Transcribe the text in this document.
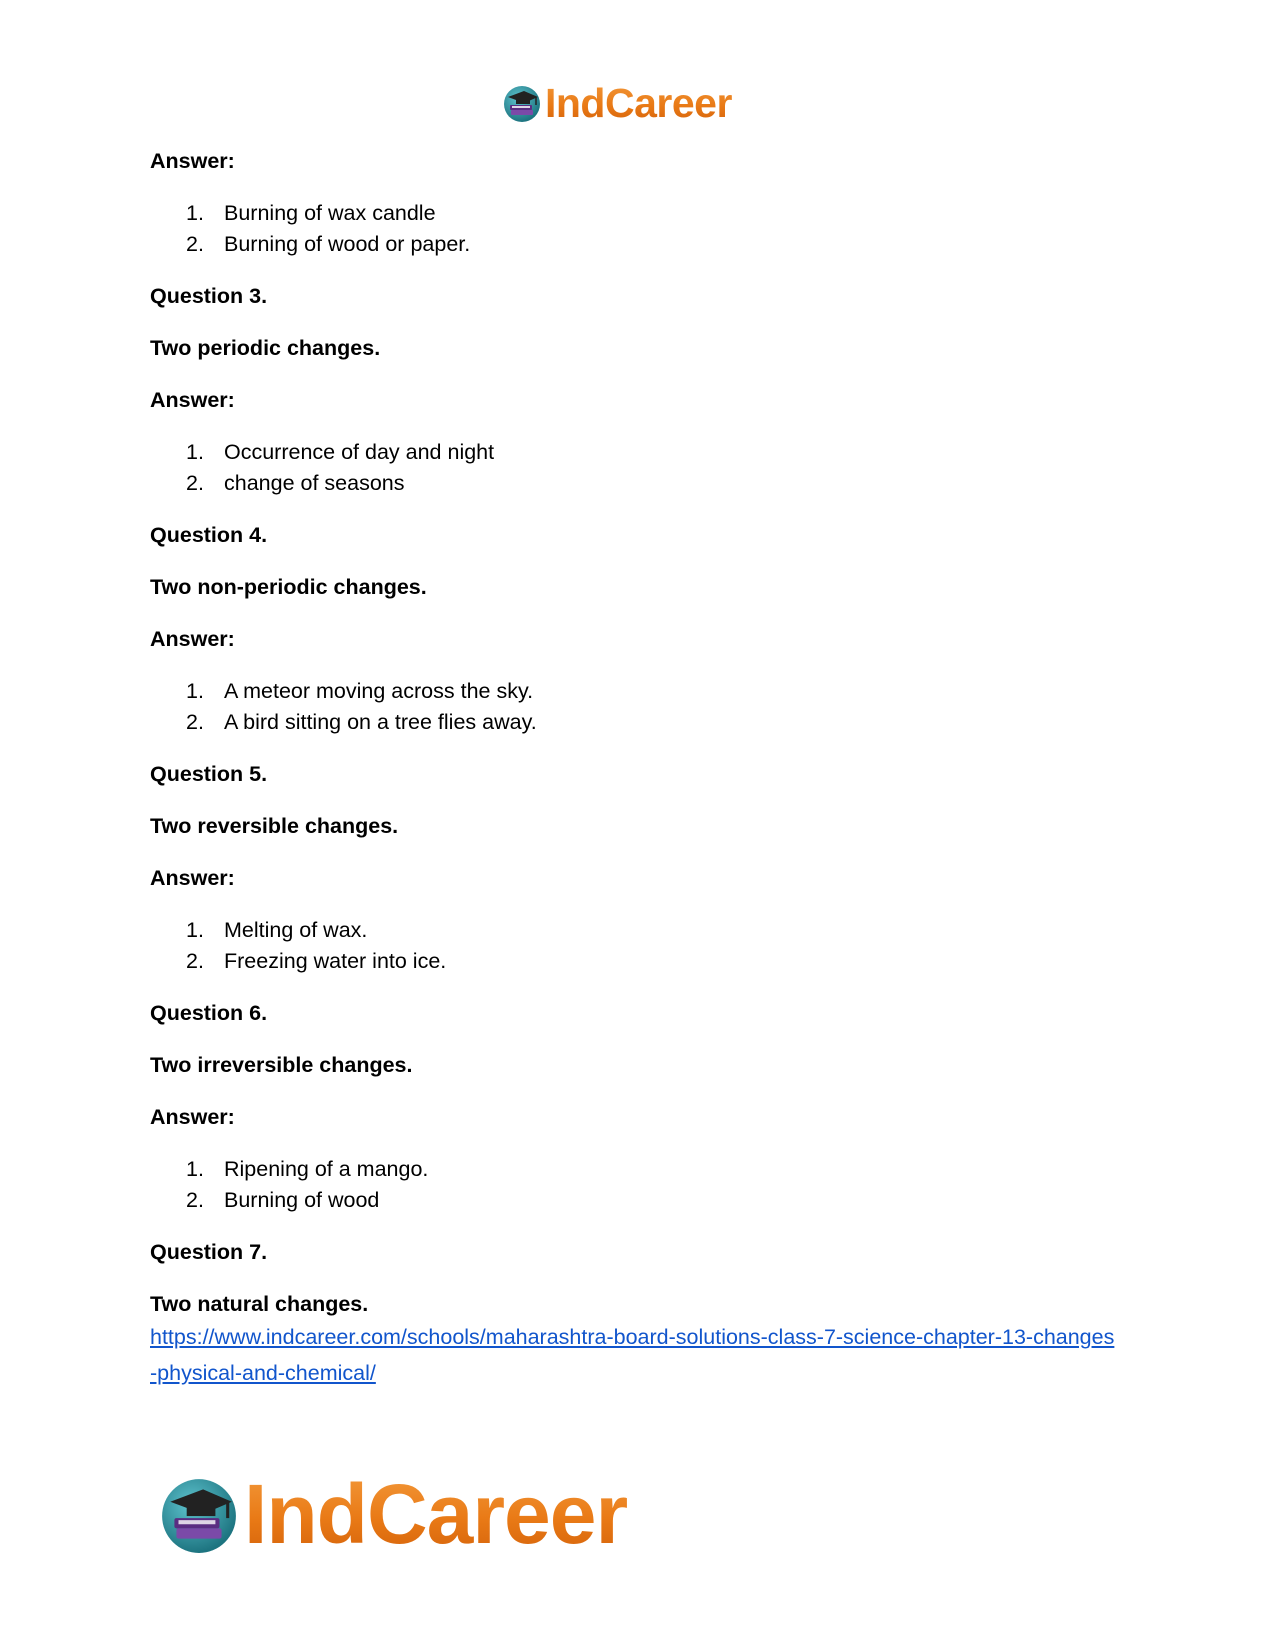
IndCareer

Answer:

1. Burning of wax candle
2. Burning of wood or paper.

Question 3.

Two periodic changes.

Answer:

1. Occurrence of day and night
2. change of seasons

Question 4.

Two non-periodic changes.

Answer:

1. A meteor moving across the sky.
2. A bird sitting on a tree flies away.

Question 5.

Two reversible changes.

Answer:

1. Melting of wax.
2. Freezing water into ice.

Question 6.

Two irreversible changes.

Answer:

1. Ripening of a mango.
2. Burning of wood

Question 7.

Two natural changes.

https://www.indcareer.com/schools/maharashtra-board-solutions-class-7-science-chapter-13-changes-physical-and-chemical/
IndCareer
